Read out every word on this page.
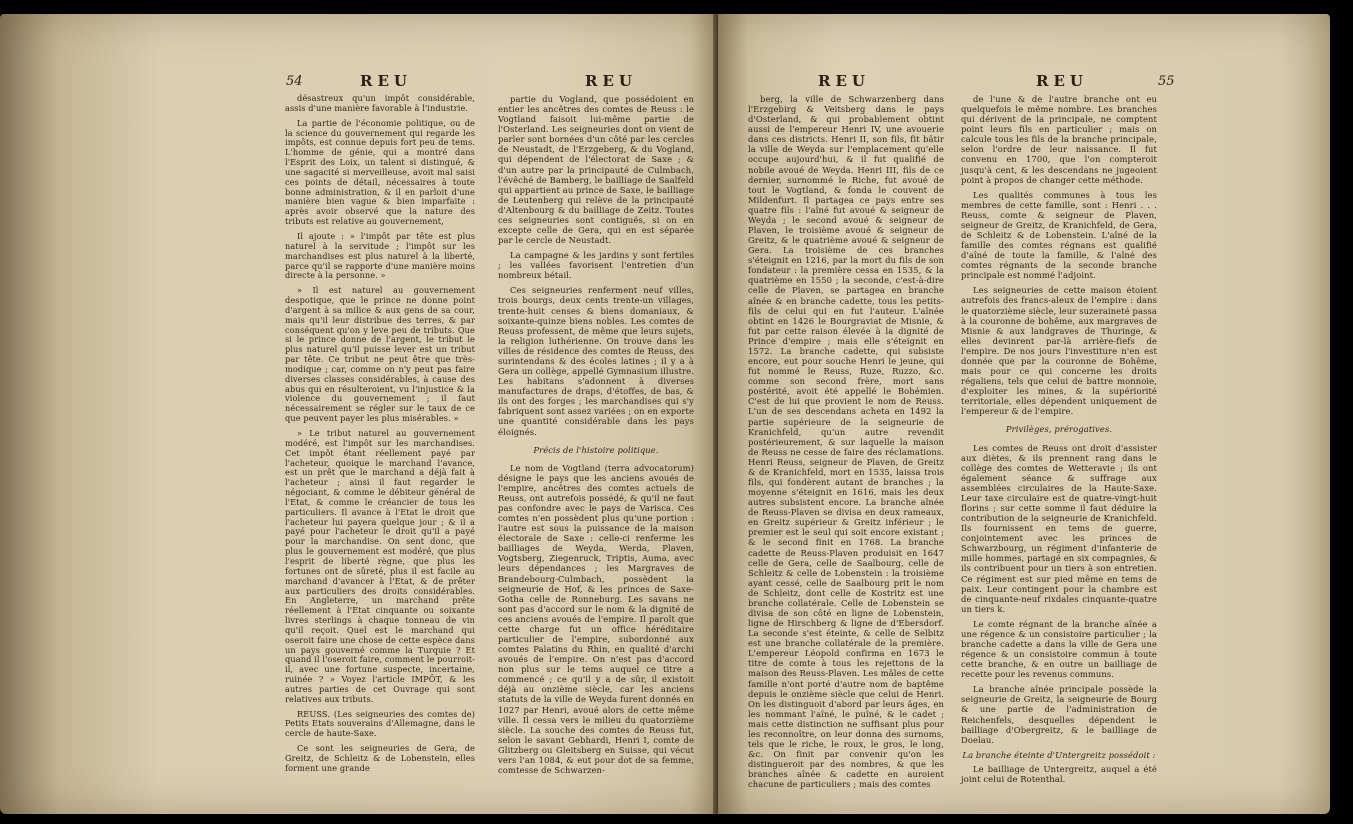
54	REU	REU

désastreux qu'un impôt considérable, assis d'une manière favorable à l'industrie.

La partie de l'économie politique, ou de la science du gouvernement qui regarde les impôts, est connue depuis fort peu de tems. L'homme de génie, qui a montré dans l'Esprit des Loix, un talent si distingué, & une sagacité si merveilleuse, avoit mal saisi ces points de détail, nécessaires à toute bonne administration, & il en parloit d'une manière bien vague & bien imparfaite : après avoir observé que la nature des tributs est relative au gouvernement,

Il ajoute : » l'impôt par tête est plus naturel à la servitude ; l'impôt sur les marchandises est plus naturel à la liberté, parce qu'il se rapporte d'une manière moins directe à la personne. »

» Il est naturel au gouvernement despotique, que le prince ne donne point d'argent à sa milice & aux gens de sa cour, mais qu'il leur distribue des terres, & par conséquent qu'on y leve peu de tributs. Que si le prince donne de l'argent, le tribut le plus naturel qu'il puisse lever est un tribut par tête. Ce tribut ne peut être que très-modique ; car, comme on n'y peut pas faire diverses classes considérables, à cause des abus qui en résulteroient, vu l'injustice & la violence du gouvernement ; il faut nécessairement se régler sur le taux de ce que peuvent payer les plus misérables. »

» Le tribut naturel au gouvernement modéré, est l'impôt sur les marchandises. Cet impôt étant réellement payé par l'acheteur, quoique le marchand l'avance, est un prêt que le marchand a déjà fait à l'acheteur ; ainsi il faut regarder le négociant, & comme le débiteur général de l'Etat, & comme le créancier de tous les particuliers. Il avance à l'Etat le droit que l'acheteur lui payera quelque jour ; & il a payé pour l'acheteur le droit qu'il a payé pour la marchandise. On sent donc, que plus le gouvernement est modéré, que plus l'esprit de liberté règne, que plus les fortunes ont de sûreté, plus il est facile au marchand d'avancer à l'Etat, & de prêter aux particuliers des droits considérables. En Angleterre, un marchand prête réellement à l'Etat cinquante ou soixante livres sterlings à chaque tonneau de vin qu'il reçoit. Quel est le marchand qui oseroit faire une chose de cette espèce dans un pays gouverné comme la Turquie ? Et quand il l'oseroit faire, comment le pourroit-il, avec une fortune suspecte, incertaine, ruinée ? » Voyez l'article IMPÔT, & les autres parties de cet Ouvrage qui sont relatives aux tributs.

REUSS. (Les seigneuries des comtes de) Petits Etats souverains d'Allemagne, dans le cercle de haute-Saxe.

Ce sont les seigneuries de Gera, de Greitz, de Schleitz & de Lobenstein, elles forment une grande

partie du Vogland, que possédoient en entier les ancêtres des comtes de Reuss : le Vogtland faisoit lui-même partie de l'Osterland. Les seigneuries dont on vient de parler sont bornées d'un côté par les cercles de Neustadt, de l'Erzgeberg, & du Vogland, qui dépendent de l'électorat de Saxe ; & d'un autre par la principauté de Culmbach, l'évêché de Bamberg, le bailliage de Saalfeld qui appartient au prince de Saxe, le bailliage de Leutenberg qui relève de la principauté d'Altenbourg & du bailliage de Zeitz. Toutes ces seigneuries sont contiguës, si on en excepte celle de Gera, qui en est séparée par le cercle de Neustadt.

La campagne & les jardins y sont fertiles ; les vallées favorisent l'entretien d'un nombreux bétail.

Ces seigneuries renferment neuf villes, trois bourgs, deux cents trente-un villages, trente-huit censes & biens domaniaux, & soixante-quinze biens nobles. Les comtes de Reuss professent, de même que leurs sujets, la religion luthérienne. On trouve dans les villes de résidence des comtes de Reuss, des surintendans & des écoles latines ; il y a à Gera un collège, appellé Gymnasium illustre. Les habitans s'adonnent à diverses manufactures de draps, d'étoffes, de bas, & ils ont des forges ; les marchandises qui s'y fabriquent sont assez variées ; on en exporte une quantité considérable dans les pays éloignés.

Précis de l'histoire politique.

Le nom de Vogtland (terra advocatorum) désigne le pays que les anciens avoués de l'empire, ancêtres des comtes actuels de Reuss, ont autrefois possédé, & qu'il ne faut pas confondre avec le pays de Varisca. Ces comtes n'en possèdent plus qu'une portion : l'autre est sous la puissance de la maison électorale de Saxe : celle-ci renferme les bailliages de Weyda, Werda, Plaven, Vogtsberg, Ziegenruck, Triptis, Auma, avec leurs dépendances ; les Margraves de Brandebourg-Culmbach, possèdent la seigneurie de Hof, & les princes de Saxe-Gotha celle de Ronneburg. Les savans ne sont pas d'accord sur le nom & la dignité de ces anciens avoués de l'empire. Il paroît que cette charge fut un office héréditaire particulier de l'empire, subordonné aux comtes Palatins du Rhin, en qualité d'archi avoués de l'empire. On n'est pas d'accord non plus sur le tems auquel ce titre a commencé ; ce qu'il y a de sûr, il existoit déjà au onzième siècle, car les anciens statuts de la ville de Weyda furent donnés en 1027 par Henri, avoué alors de cette même ville. Il cessa vers le milieu du quatorzième siècle. La souche des comtes de Reuss fut, selon le savant Gebhardi, Henri I, comte de Glitzberg ou Gleitsberg en Suisse, qui vécut vers l'an 1084, & eut pour dot de sa femme, comtesse de Schwarzen-

REU	REU	55

berg, la ville de Schwarzenberg dans l'Erzgebirg & Veitsberg dans le pays d'Osterland, & qui probablement obtint aussi de l'empereur Henri IV, une avouerie dans ces districts. Henri II, son fils, fit bâtir la ville de Weyda sur l'emplacement qu'elle occupe aujourd'hui, & il fut qualifié de nobile avoué de Weyda. Henri III, fils de ce dernier, surnommé le Riche, fut avoué de tout le Vogtland, & fonda le couvent de Mildenfurt. Il partagea ce pays entre ses quatre fils : l'aîné fut avoué & seigneur de Weyda ; le second avoué & seigneur de Plaven, le troisième avoué & seigneur de Greitz, & le quatrième avoué & seigneur de Gera. La troisième de ces branches s'éteignit en 1216, par la mort du fils de son fondateur : la première cessa en 1535, & la quatrième en 1550 ; la seconde, c'est-à-dire celle de Plaven, se partagea en branche aînée & en branche cadette, tous les petits-fils de celui qui en fut l'auteur. L'aînée obtint en 1426 le Bourgraviat de Misnie, & fut par cette raison élevée à la dignité de Prince d'empire ; mais elle s'éteignit en 1572. La branche cadette, qui subsiste encore, eut pour souche Henri le jeune, qui fut nommé le Reuss, Ruze, Ruzzo, &c. comme son second frère, mort sans postérité, avoit été appellé le Bohémien. C'est de lui que provient le nom de Reuss. L'un de ses descendans acheta en 1492 la partie supérieure de la seigneurie de Kranichfeld, qu'un autre revendit postérieurement, & sur laquelle la maison de Reuss ne cesse de faire des réclamations. Henri Reuss, seigneur de Plaven, de Greitz & de Kranichfeld, mort en 1535, laissa trois fils, qui fondèrent autant de branches ; la moyenne s'éteignit en 1616, mais les deux autres subsistent encore. La branche aînée de Reuss-Plaven se divisa en deux rameaux, en Greitz supérieur & Greitz inférieur ; le premier est le seul qui soit encore existant ; & le second finit en 1768. La branche cadette de Reuss-Plaven produisit en 1647 celle de Gera, celle de Saalbourg, celle de Schleitz & celle de Lobenstein : la troisième ayant cessé, celle de Saalbourg prit le nom de Schleitz, dont celle de Kostritz est une branche collatérale. Celle de Lobenstein se divisa de son côté en ligne de Lobenstein, ligne de Hirschberg & ligne de d'Ebersdorf. La seconde s'est éteinte, & celle de Selbitz est une branche collatérale de la première. L'empereur Léopold confirma en 1673 le titre de comte à tous les rejettons de la maison des Reuss-Plaven. Les mâles de cette famille n'ont porté d'autre nom de baptême depuis le onzième siècle que celui de Henri. On les distinguoit d'abord par leurs âges, en les nommant l'aîné, le puîné, & le cadet ; mais cette distinction ne suffisant plus pour les reconnoître, on leur donna des surnoms, tels que le riche, le roux, le gros, le long, &c. On finit par convenir qu'on les distingueroit par des nombres, & que les branches aînée & cadette en auroient chacune de particuliers ; mais des comtes

de l'une & de l'autre branche ont eu quelquefois le même nombre. Les branches qui dérivent de la principale, ne comptent point leurs fils en particulier ; mais on calcule tous les fils de la branche principale, selon l'ordre de leur naissance. Il fut convenu en 1700, que l'on compteroit jusqu'à cent, & les descendans ne jugeoient point à propos de changer cette méthode.

Les qualités communes à tous les membres de cette famille, sont : Henri . . . Reuss, comte & seigneur de Plaven, seigneur de Greitz, de Kranichfeld, de Gera, de Schleitz & de Lobenstein. L'aîné de la famille des comtes régnans est qualifié d'aîné de toute la famille, & l'aîné des comtes régnants de la seconde branche principale est nommé l'adjoint.

Les seigneuries de cette maison étoient autrefois des francs-aleux de l'empire : dans le quatorzième siècle, leur suzeraineté passa à la couronne de bohême, aux margraves de Misnie & aux landgraves de Thuringe, & elles devinrent par-là arrière-fiefs de l'empire. De nos jours l'investiture n'en est donnée que par la couronne de Bohême, mais pour ce qui concerne les droits régaliens, tels que celui de battre monnoie, d'exploiter les mines, & la supériorité territoriale, elles dépendent uniquement de l'empereur & de l'empire.

Privilèges, prérogatives.

Les comtes de Reuss ont droit d'assister aux diètes, & ils prennent rang dans le collège des comtes de Wetteravie ; ils ont également séance & suffrage aux assemblées circulaires de la Haute-Saxe. Leur taxe circulaire est de quatre-vingt-huit florins ; sur cette somme il faut déduire la contribution de la seigneurie de Kranichfeld. Ils fournissent en tems de guerre, conjointement avec les princes de Schwarzbourg, un régiment d'infanterie de mille hommes, partagé en six compagnies, & ils contribuent pour un tiers à son entretien. Ce régiment est sur pied même en tems de paix. Leur contingent pour la chambre est de cinquante-neuf rixdales cinquante-quatre un tiers k.

Le comte régnant de la branche aînée a une régence & un consistoire particulier ; la branche cadette a dans la ville de Gera une régence & un consistoire commun à toute cette branche, & en outre un bailliage de recette pour les revenus communs.

La branche aînée principale possède la seigneurie de Greitz, la seigneurie de Bourg & une partie de l'administration de Reichenfels, desquelles dépendent le bailliage d'Obergreitz, & le bailliage de Doelau.

La branche éteinte d'Untergreitz possédoit :

Le bailliage de Untergreitz, auquel a été joint celui de Rotenthal.
